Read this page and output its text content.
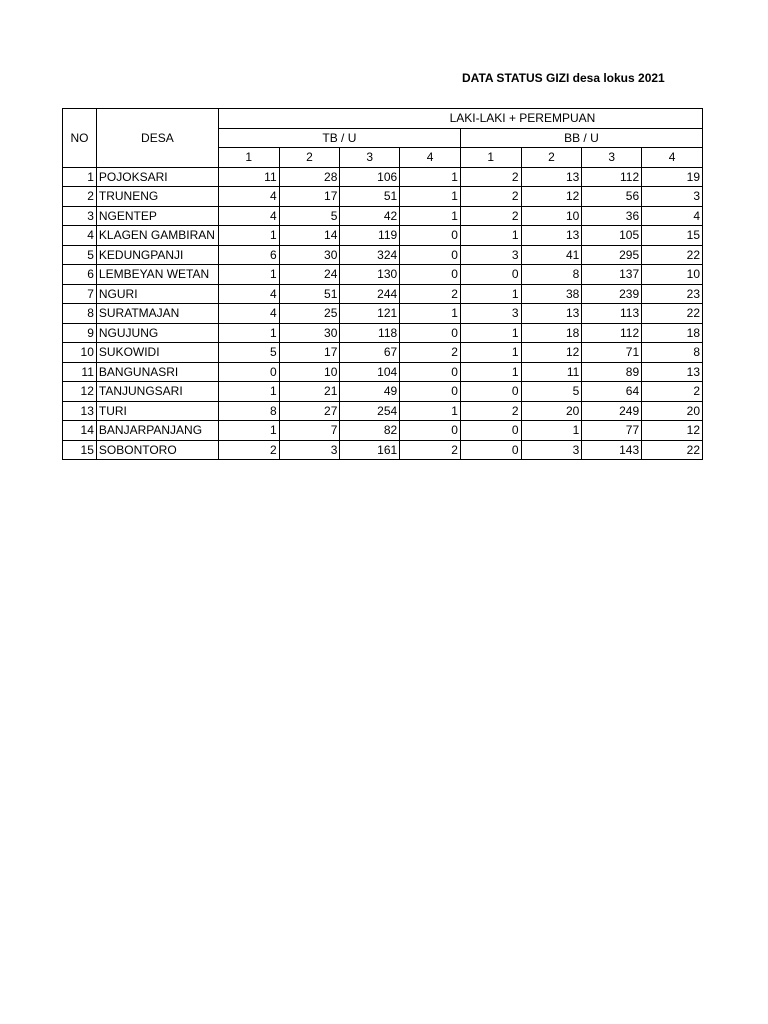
DATA STATUS GIZI desa lokus 2021
NO	DESA	LAKI-LAKI + PEREMPUAN							
		TB / U				BB / U			
		1	2	3	4	1	2	3	4
1	POJOKSARI	11	28	106	1	2	13	112	19
2	TRUNENG	4	17	51	1	2	12	56	3
3	NGENTEP	4	5	42	1	2	10	36	4
4	KLAGEN GAMBIRAN	1	14	119	0	1	13	105	15
5	KEDUNGPANJI	6	30	324	0	3	41	295	22
6	LEMBEYAN WETAN	1	24	130	0	0	8	137	10
7	NGURI	4	51	244	2	1	38	239	23
8	SURATMAJAN	4	25	121	1	3	13	113	22
9	NGUJUNG	1	30	118	0	1	18	112	18
10	SUKOWIDI	5	17	67	2	1	12	71	8
11	BANGUNASRI	0	10	104	0	1	11	89	13
12	TANJUNGSARI	1	21	49	0	0	5	64	2
13	TURI	8	27	254	1	2	20	249	20
14	BANJARPANJANG	1	7	82	0	0	1	77	12
15	SOBONTORO	2	3	161	2	0	3	143	22
